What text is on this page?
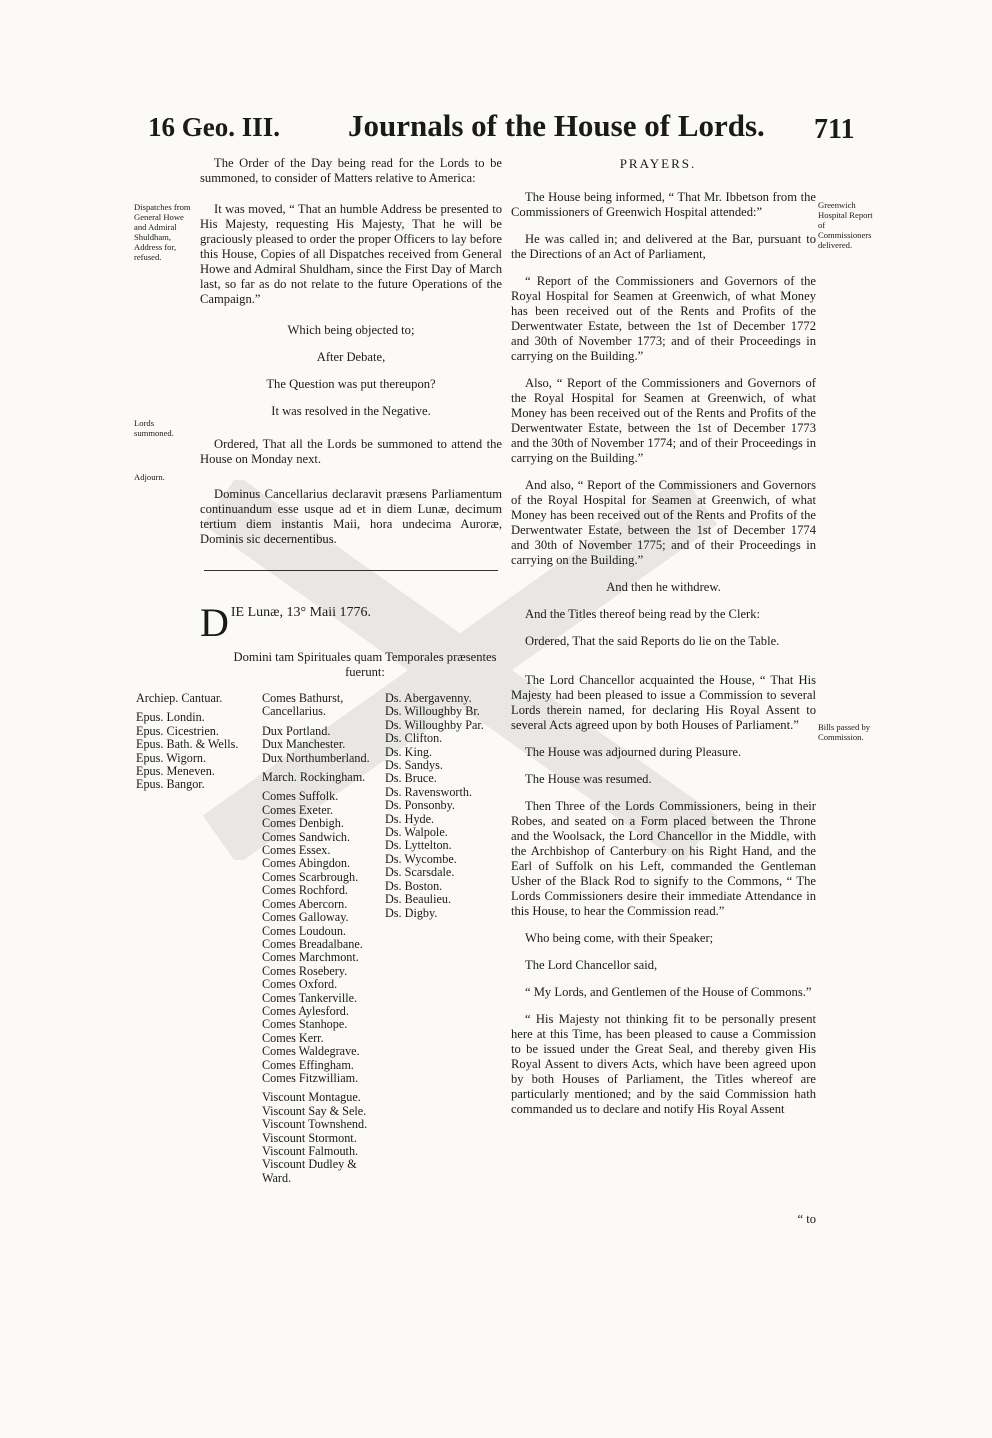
16 Geo. III. Journals of the House of Lords. 711
Dispatches from General Howe and Admiral Shuldham, Address for, refused.
Lords summoned.
Adjourn.

The Order of the Day being read for the Lords to be summoned, to consider of Matters relative to America:

It was moved, “ That an humble Address be presented to His Majesty, requesting His Majesty, That he will be graciously pleased to order the proper Officers to lay before this House, Copies of all Dispatches received from General Howe and Admiral Shuldham, since the First Day of March last, so far as do not relate to the future Operations of the Campaign.”

Which being objected to;

After Debate,

The Question was put thereupon?

It was resolved in the Negative.

Ordered, That all the Lords be summoned to attend the House on Monday next.

Dominus Cancellarius declaravit præsens Parliamentum continuandum esse usque ad et in diem Lunæ, decimum tertium diem instantis Maii, hora undecima Auroræ, Dominis sic decernentibus.

D IE Lunæ, 13° Maii 1776.
Domini tam Spirituales quam Temporales præsentes fuerunt:
Archiep. Cantuar.
Epus. Londin.
Epus. Cicestrien.
Epus. Bath. & Wells.
Epus. Wigorn.
Epus. Meneven.
Epus. Bangor.
Comes Bathurst, Cancellarius.
Dux Portland.
Dux Manchester.
Dux Northumberland.
March. Rockingham.
Comes Suffolk.
Comes Exeter.
Comes Denbigh.
Comes Sandwich.
Comes Essex.
Comes Abingdon.
Comes Scarbrough.
Comes Rochford.
Comes Abercorn.
Comes Galloway.
Comes Loudoun.
Comes Breadalbane.
Comes Marchmont.
Comes Rosebery.
Comes Oxford.
Comes Tankerville.
Comes Aylesford.
Comes Stanhope.
Comes Kerr.
Comes Waldegrave.
Comes Effingham.
Comes Fitzwilliam.
Viscount Montague.
Viscount Say & Sele.
Viscount Townshend.
Viscount Stormont.
Viscount Falmouth.
Viscount Dudley & Ward.
Ds. Abergavenny.
Ds. Willoughby Br.
Ds. Willoughby Par.
Ds. Clifton.
Ds. King.
Ds. Sandys.
Ds. Bruce.
Ds. Ravensworth.
Ds. Ponsonby.
Ds. Hyde.
Ds. Walpole.
Ds. Lyttelton.
Ds. Wycombe.
Ds. Scarsdale.
Ds. Boston.
Ds. Beaulieu.
Ds. Digby.
PRAYERS.

The House being informed, “ That Mr. Ibbetson from the Commissioners of Greenwich Hospital attended:”

He was called in; and delivered at the Bar, pursuant to the Directions of an Act of Parliament,

“ Report of the Commissioners and Governors of the Royal Hospital for Seamen at Greenwich, of what Money has been received out of the Rents and Profits of the Derwentwater Estate, between the 1st of December 1772 and 30th of November 1773; and of their Proceedings in carrying on the Building.”

Also, “ Report of the Commissioners and Governors of the Royal Hospital for Seamen at Greenwich, of what Money has been received out of the Rents and Profits of the Derwentwater Estate, between the 1st of December 1773 and the 30th of November 1774; and of their Proceedings in carrying on the Building.”

And also, “ Report of the Commissioners and Governors of the Royal Hospital for Seamen at Greenwich, of what Money has been received out of the Rents and Profits of the Derwentwater Estate, between the 1st of December 1774 and 30th of November 1775; and of their Proceedings in carrying on the Building.”

And then he withdrew.

And the Titles thereof being read by the Clerk:

Ordered, That the said Reports do lie on the Table.

The Lord Chancellor acquainted the House, “ That His Majesty had been pleased to issue a Commission to several Lords therein named, for declaring His Royal Assent to several Acts agreed upon by both Houses of Parliament.”

The House was adjourned during Pleasure.

The House was resumed.

Then Three of the Lords Commissioners, being in their Robes, and seated on a Form placed between the Throne and the Woolsack, the Lord Chancellor in the Middle, with the Archbishop of Canterbury on his Right Hand, and the Earl of Suffolk on his Left, commanded the Gentleman Usher of the Black Rod to signify to the Commons, “ The Lords Commissioners desire their immediate Attendance in this House, to hear the Commission read.”

Who being come, with their Speaker;

The Lord Chancellor said,

“ My Lords, and Gentlemen of the House of Commons.”

“ His Majesty not thinking fit to be personally present here at this Time, has been pleased to cause a Commission to be issued under the Great Seal, and thereby given His Royal Assent to divers Acts, which have been agreed upon by both Houses of Parliament, the Titles whereof are particularly mentioned; and by the said Commission hath commanded us to declare and notify His Royal Assent

“ to
Greenwich Hospital Report of Commissioners delivered.
Bills passed by Commission.
